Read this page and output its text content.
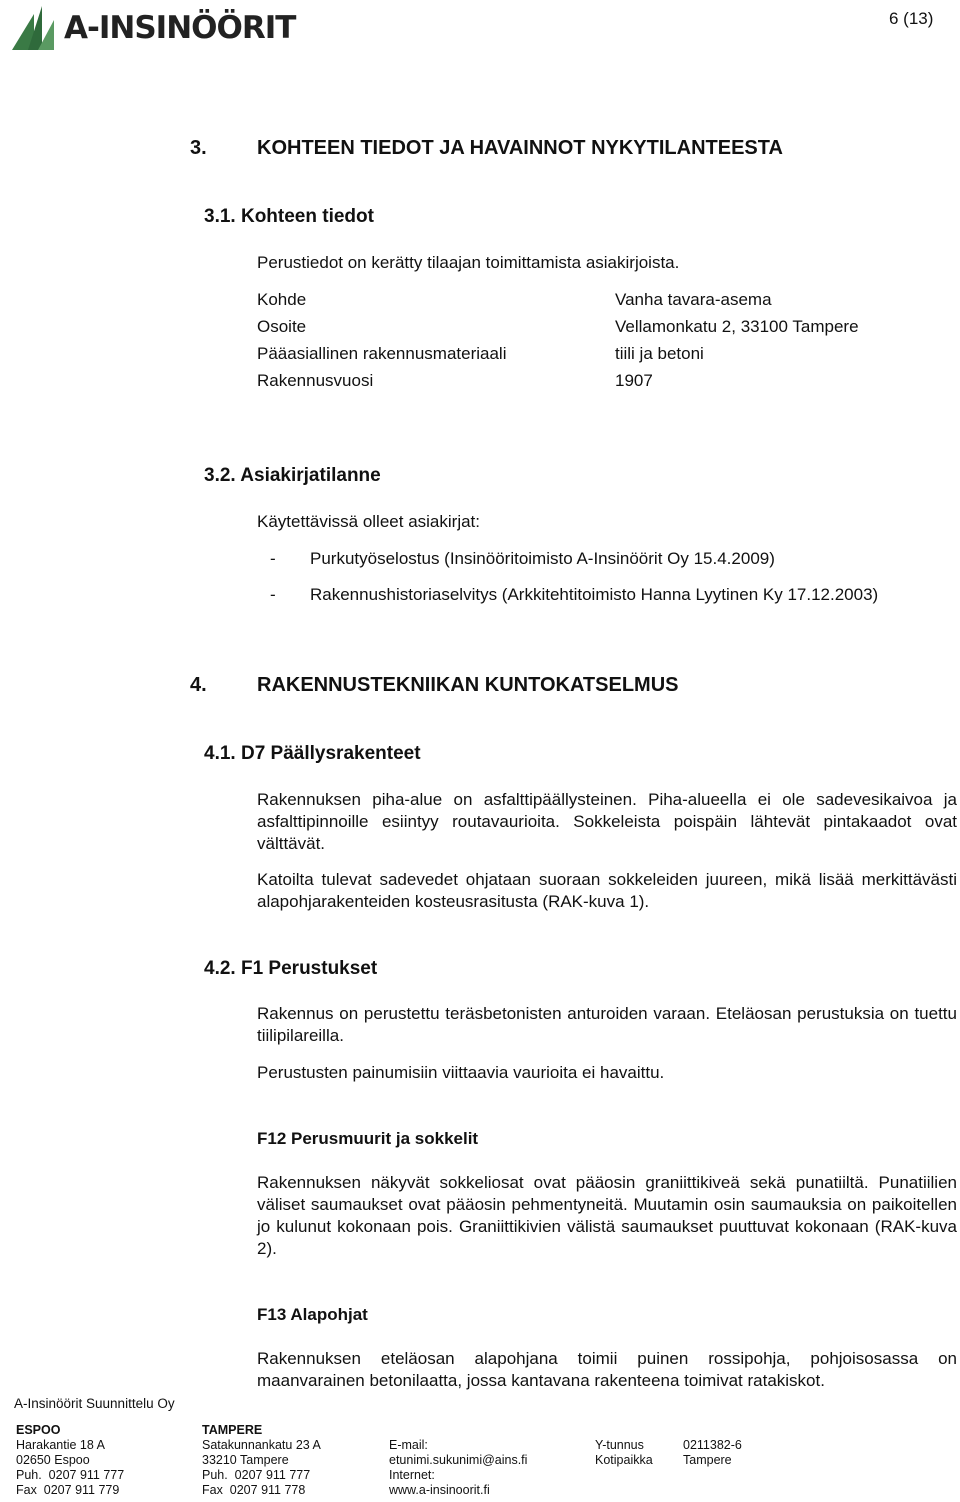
A-INSINÖÖRIT	6 (13)
3.	KOHTEEN TIEDOT JA HAVAINNOT NYKYTILANTEESTA
3.1. Kohteen tiedot
Perustiedot on kerätty tilaajan toimittamista asiakirjoista.
Kohde	Vanha tavara-asema
Osoite	Vellamonkatu 2, 33100 Tampere
Pääasiallinen rakennusmateriaali	tiili ja betoni
Rakennusvuosi	1907
3.2. Asiakirjatilanne
Käytettävissä olleet asiakirjat:
- Purkutyöselostus (Insinööritoimisto A-Insinöörit Oy 15.4.2009)
- Rakennushistoriaselvitys (Arkkitehtitoimisto Hanna Lyytinen Ky 17.12.2003)
4.	RAKENNUSTEKNIIKAN KUNTOKATSELMUS
4.1. D7 Päällysrakenteet
Rakennuksen piha-alue on asfalttipäällysteinen. Piha-alueella ei ole sadevesikaivoa ja asfalttipinnoille esiintyy routavaurioita. Sokkeleista poispäin lähtevät pintakaadot ovat välttävät.
Katoilta tulevat sadevedet ohjataan suoraan sokkeleiden juureen, mikä lisää merkittävästi alapohjarakenteiden kosteusrasitusta (RAK-kuva 1).
4.2. F1 Perustukset
Rakennus on perustettu teräsbetonisten anturoiden varaan. Eteläosan perustuksia on tuettu tiilipilareilla.
Perustusten painumisiin viittaavia vaurioita ei havaittu.
F12 Perusmuurit ja sokkelit
Rakennuksen näkyvät sokkeliosat ovat pääosin graniittikiveä sekä punatiiltä. Punatiilien väliset saumaukset ovat pääosin pehmentyneitä. Muutamin osin saumauksia on paikoitellen jo kulunut kokonaan pois. Graniittikivien välistä saumaukset puuttuvat kokonaan (RAK-kuva 2).
F13 Alapohjat
Rakennuksen eteläosan alapohjana toimii puinen rossipohja, pohjoisosassa on maanvarainen betonilaatta, jossa kantavana rakenteena toimivat ratakiskot.
A-Insinöörit Suunnittelu Oy
ESPOO
Harakantie 18 A
02650 Espoo
Puh.  0207 911 777
Fax  0207 911 779
TAMPERE
Satakunnankatu 23 A
33210 Tampere
Puh.  0207 911 777
Fax  0207 911 778
E-mail:
etunimi.sukunimi@ains.fi
Internet:
www.a-insinoorit.fi
Y-tunnus	0211382-6
Kotipaikka Tampere
